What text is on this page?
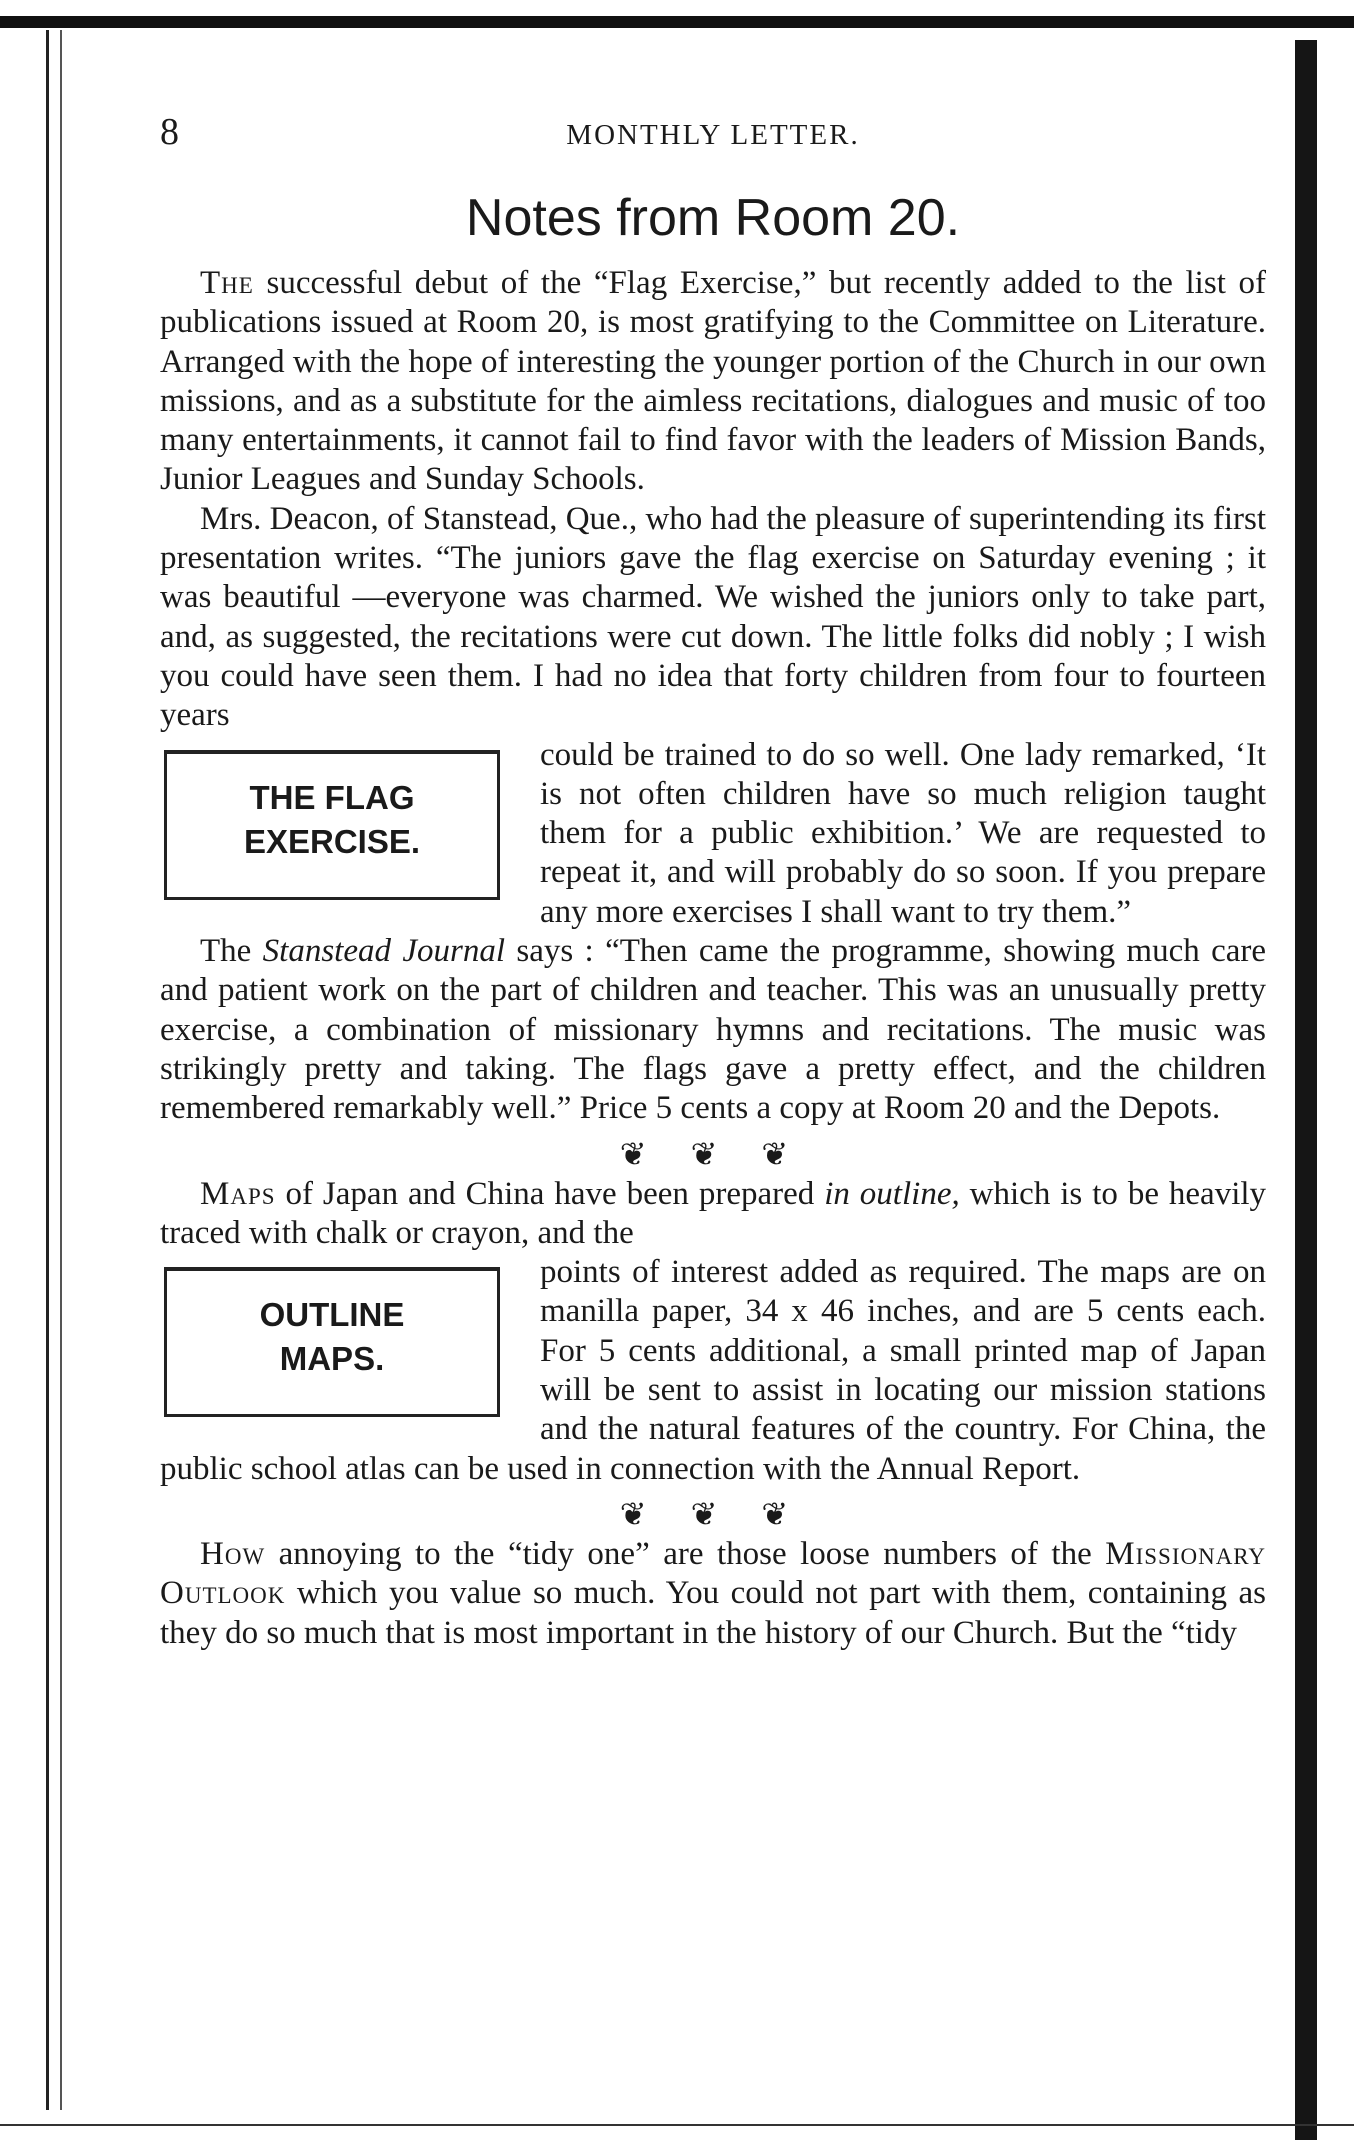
8	MONTHLY LETTER.
Notes from Room 20.

The successful debut of the “Flag Exercise,” but recently added to the list of publications issued at Room 20, is most gratifying to the Committee on Literature. Arranged with the hope of interesting the younger portion of the Church in our own missions, and as a substitute for the aimless recitations, dialogues and music of too many entertainments, it cannot fail to find favor with the leaders of Mission Bands, Junior Leagues and Sunday Schools.

Mrs. Deacon, of Stanstead, Que., who had the pleasure of superintending its first presentation writes. “The juniors gave the flag exercise on Saturday evening ; it was beautiful —everyone was charmed. We wished the juniors only to take part, and, as suggested, the recitations were cut down. The little folks did nobly ; I wish you could have seen them. I had no idea that forty children from four to fourteen years

THE FLAG
EXERCISE.

could be trained to do so well. One lady remarked, ‘It is not often children have so much religion taught them for a public exhibition.’ We are requested to repeat it, and will probably do so soon. If you prepare any more exercises I shall want to try them.”

The Stanstead Journal says : “Then came the programme, showing much care and patient work on the part of children and teacher. This was an unusually pretty exercise, a combination of missionary hymns and recitations. The music was strikingly pretty and taking. The flags gave a pretty effect, and the children remembered remarkably well.” Price 5 cents a copy at Room 20 and the Depots.

❦ ❦ ❦

Maps of Japan and China have been prepared in outline, which is to be heavily traced with chalk or crayon, and the

OUTLINE
MAPS.

points of interest added as required. The maps are on manilla paper, 34 x 46 inches, and are 5 cents each. For 5 cents additional, a small printed map of Japan will be sent to assist in locating our mission stations and the natural features of the country. For China, the public school atlas can be used in connection with the Annual Report.

❦ ❦ ❦

How annoying to the “tidy one” are those loose numbers of the Missionary Outlook which you value so much. You could not part with them, containing as they do so much that is most important in the history of our Church. But the “tidy
